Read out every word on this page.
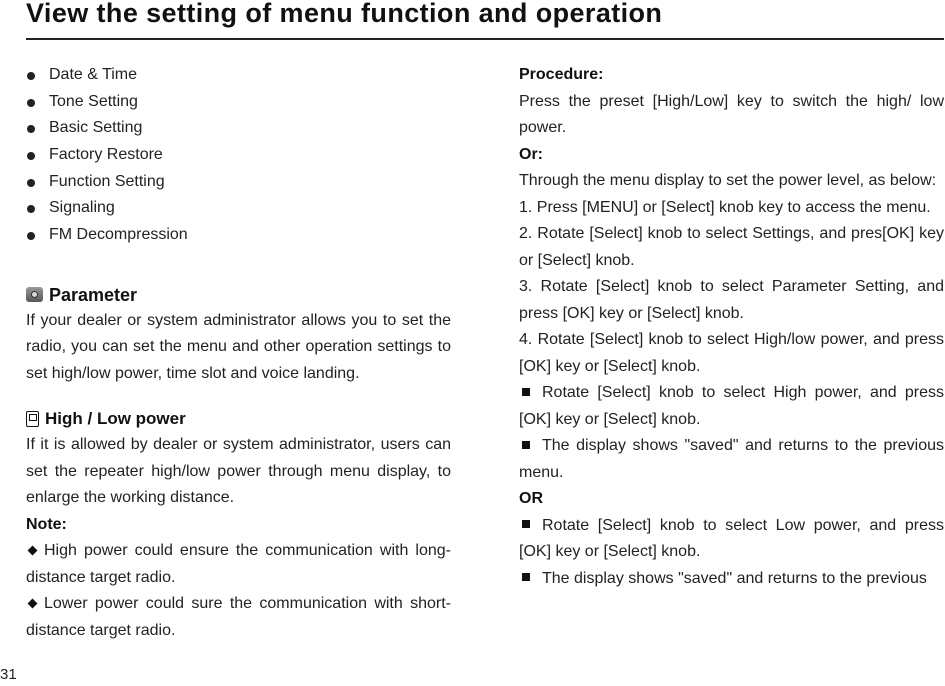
View the setting of menu function and operation
Date & Time
Tone Setting
Basic Setting
Factory Restore
Function Setting
Signaling
FM Decompression
Parameter

If your dealer or system administrator allows you to set the radio, you can set the menu and other operation settings to set high/low power, time slot and voice landing.

High / Low power

If it is allowed by dealer or system administrator, users can set the repeater high/low power through menu display, to enlarge the working distance.

Note:

High power could ensure the communication with long-distance target radio.

Lower power could sure the communication with short-distance target radio.

Procedure:

Press the preset [High/Low] key to switch the high/ low power.

Or:

Through the menu display to set the power level, as below:

1. Press [MENU] or [Select] knob key to access the menu.

2. Rotate [Select] knob to select Settings, and pres[OK] key or [Select] knob.

3. Rotate [Select] knob to select Parameter Setting, and press [OK] key or [Select] knob.

4. Rotate [Select] knob to select High/low power, and press [OK] key or [Select] knob.

Rotate [Select] knob to select High power, and press [OK] key or [Select] knob.

The display shows "saved" and returns to the previous menu.

OR

Rotate [Select] knob to select Low power, and press [OK] key or [Select] knob.

The display shows "saved" and returns to the previous

31
